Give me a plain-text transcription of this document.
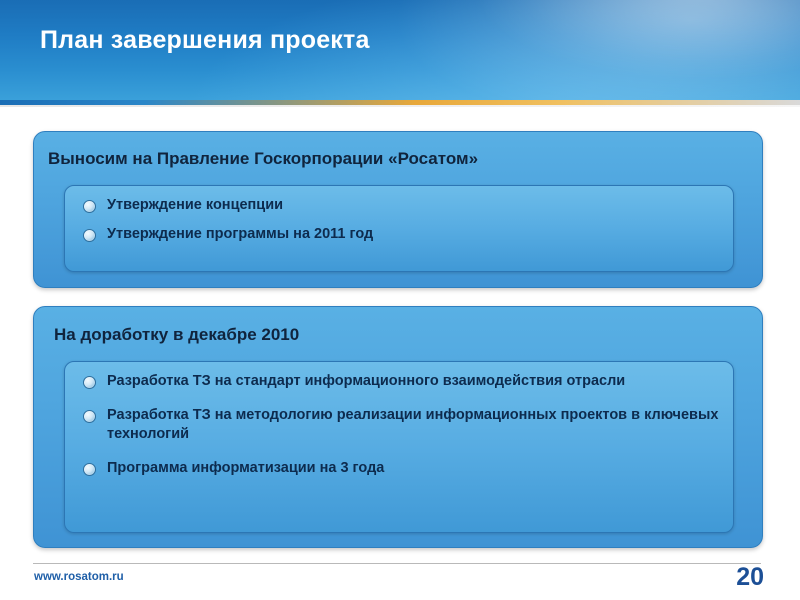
План завершения проекта
Выносим на Правление Госкорпорации «Росатом»
Утверждение концепции
Утверждение программы на 2011 год
На доработку в декабре 2010
Разработка ТЗ на стандарт информационного взаимодействия отрасли
Разработка ТЗ на методологию реализации информационных проектов в ключевых технологий
Программа информатизации на 3 года
www.rosatom.ru	20
